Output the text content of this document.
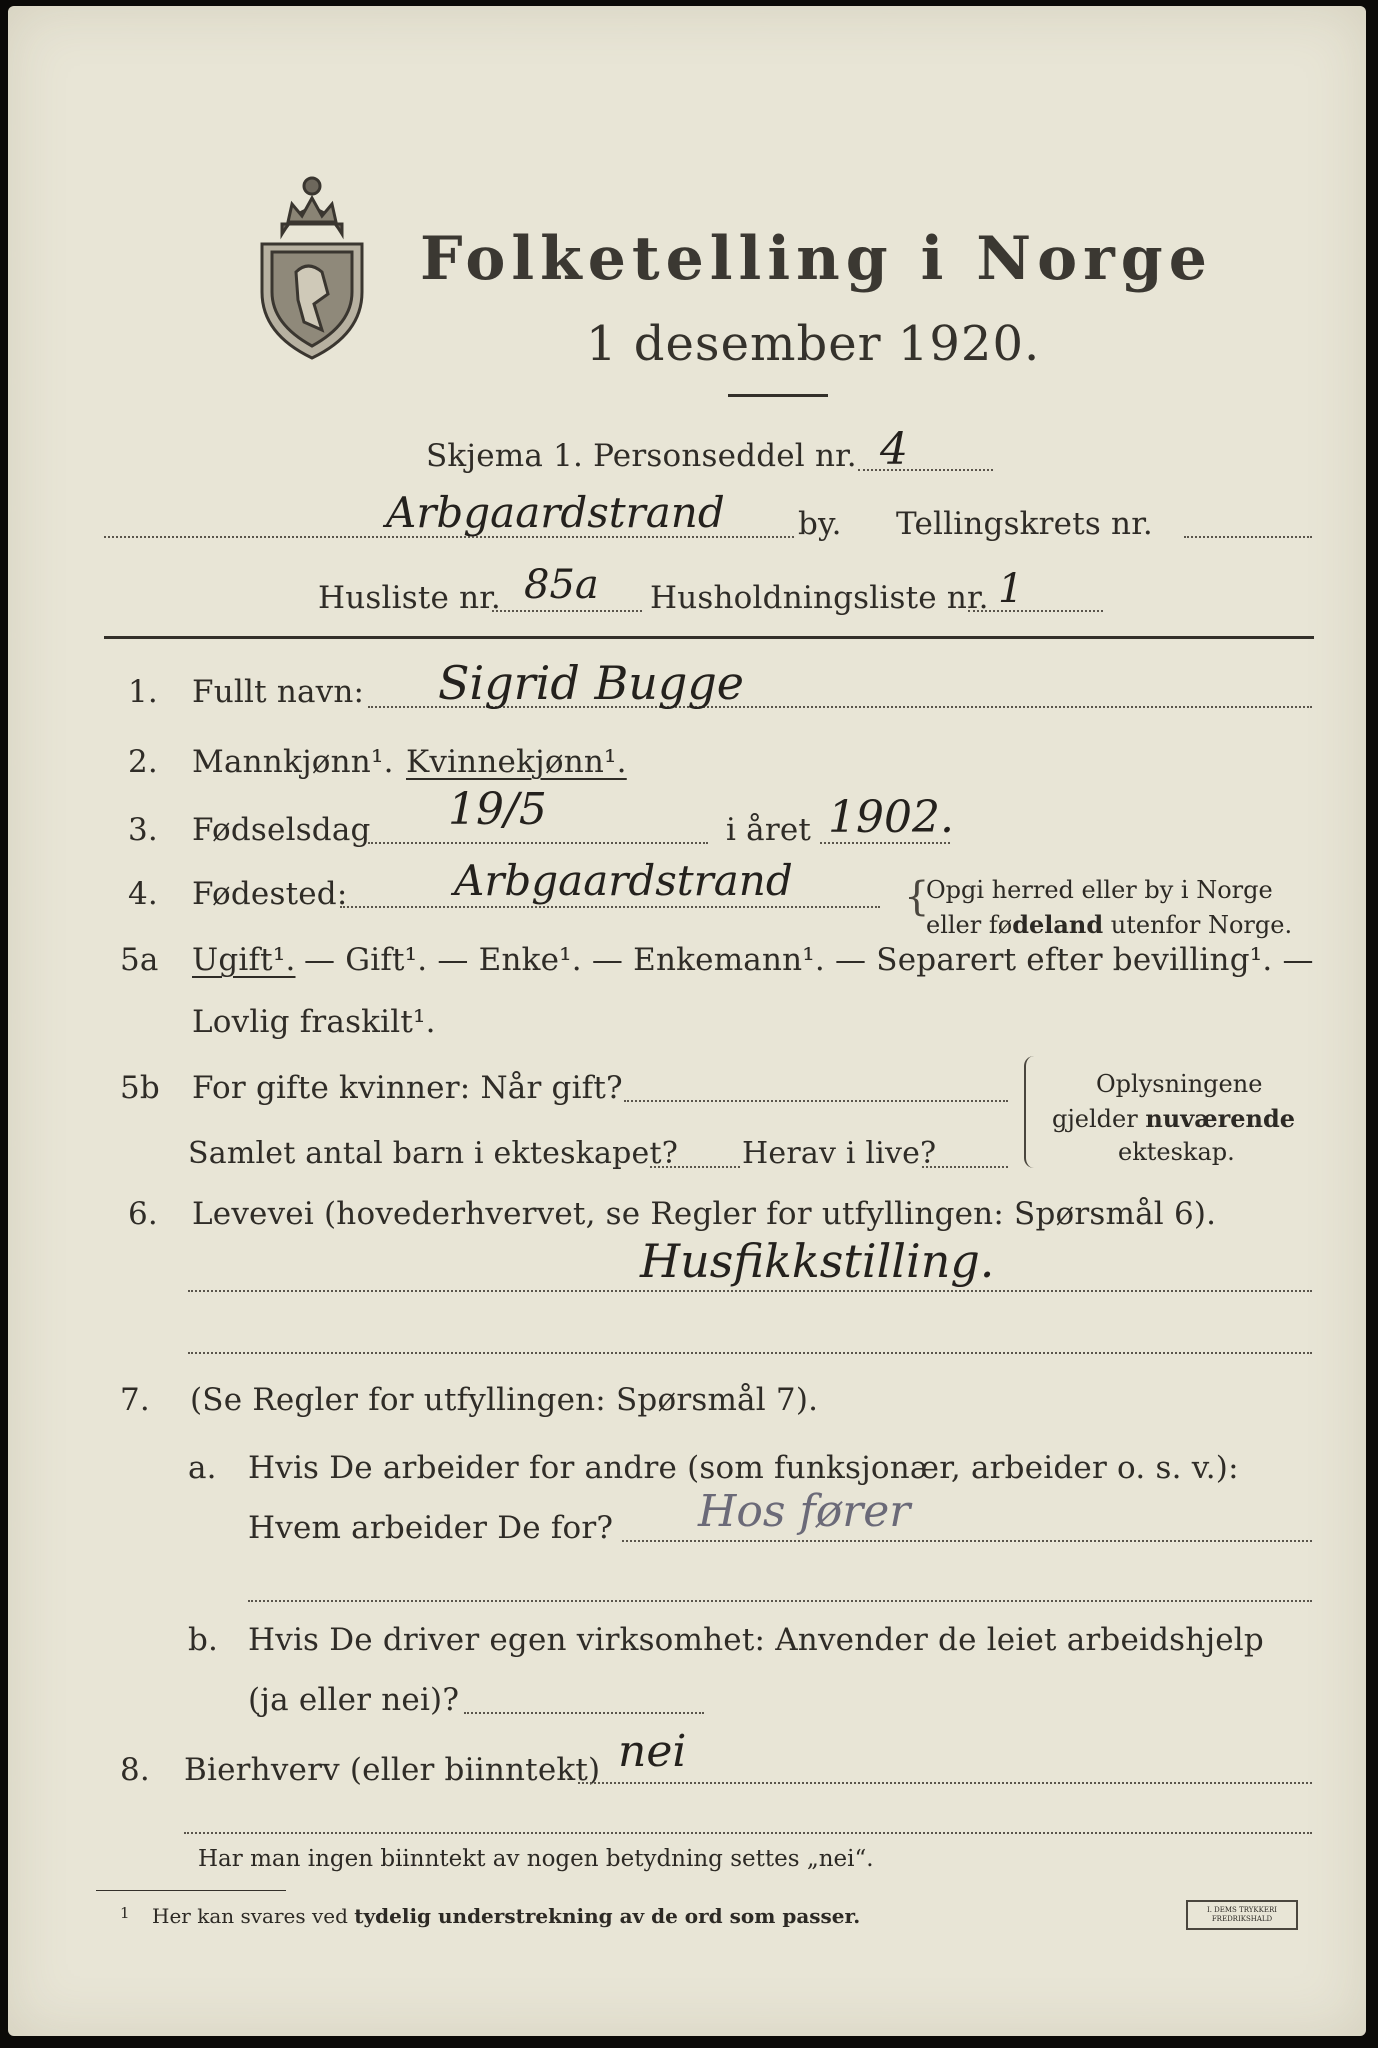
Folketelling i Norge
1 desember 1920.
Skjema 1. Personseddel nr. 4
Arbgaardstrand by. Tellingskrets nr.
Husliste nr. 85a Husholdningsliste nr. 1
1. Fullt navn: Sigrid Bugge
2. Mannkjønn¹. Kvinnekjønn¹.
3. Fødselsdag 19/5	i året 1902.
4. Fødested:	Arbgaardstrand	{
Opgi herred eller by i Norge
eller fødeland utenfor Norge.
5a Ugift¹. — Gift¹. — Enke¹. — Enkemann¹. — Separert efter bevilling¹. —
Lovlig fraskilt¹.
5b For gifte kvinner: Når gift?
Samlet antal barn i ekteskapet? Herav i live?
Oplysningene
gjelder nuværende
ekteskap.
6. Levevei (hovederhvervet, se Regler for utfyllingen: Spørsmål 6).
Husfikkstilling.
7. (Se Regler for utfyllingen: Spørsmål 7).
a. Hvis De arbeider for andre (som funksjonær, arbeider o. s. v.):
Hvem arbeider De for? Hos fører
b. Hvis De driver egen virksomhet: Anvender de leiet arbeidshjelp
(ja eller nei)?
8. Bierhverv (eller biinntekt) nei
Har man ingen biinntekt av nogen betydning settes „nei“.
1 Her kan svares ved tydelig understrekning av de ord som passer.	I. DEMS TRYKKERI
FREDRIKSHALD
